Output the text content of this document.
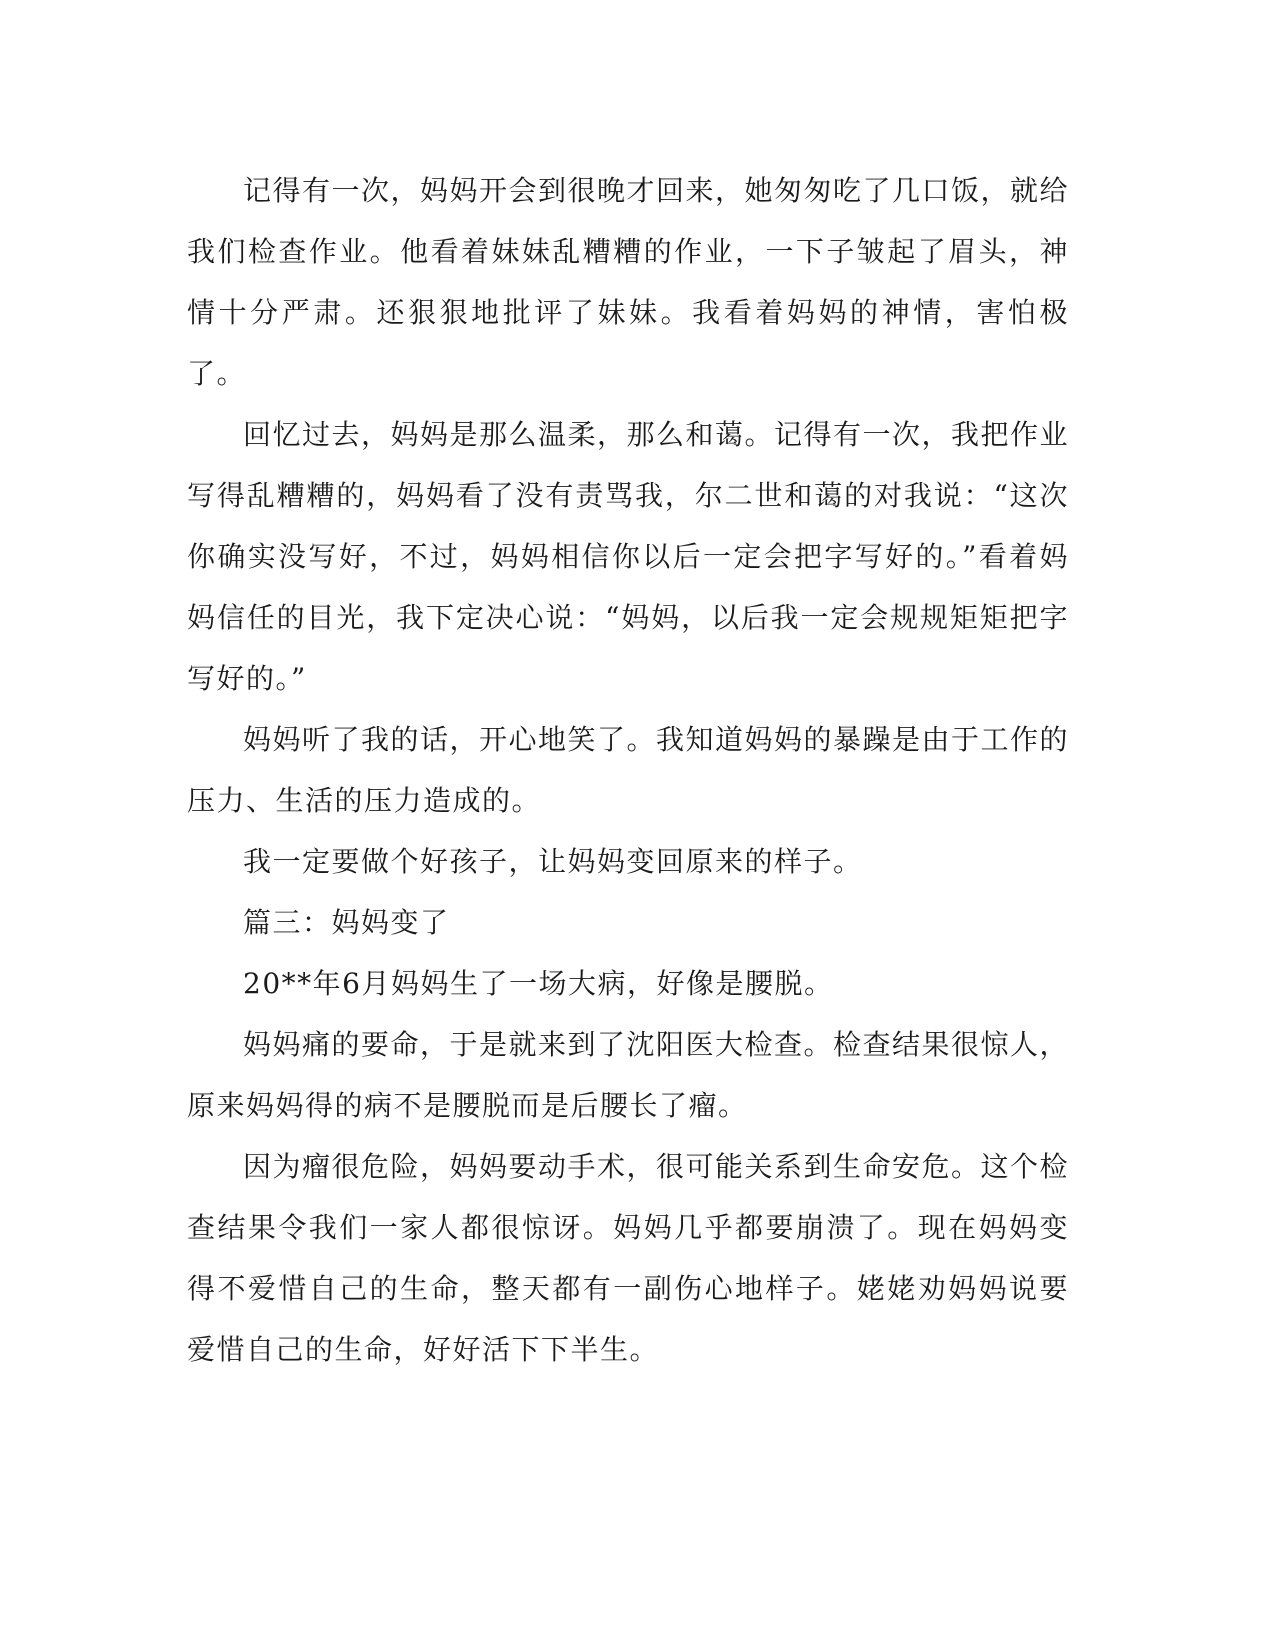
记得有一次，妈妈开会到很晚才回来，她匆匆吃了几口饭，就给我们检查作业。他看着妹妹乱糟糟的作业，一下子皱起了眉头，神情十分严肃。还狠狠地批评了妹妹。我看着妈妈的神情，害怕极了。

回忆过去，妈妈是那么温柔，那么和蔼。记得有一次，我把作业写得乱糟糟的，妈妈看了没有责骂我，尔二世和蔼的对我说：“这次你确实没写好，不过，妈妈相信你以后一定会把字写好的。”看着妈妈信任的目光，我下定决心说：“妈妈，以后我一定会规规矩矩把字写好的。”

妈妈听了我的话，开心地笑了。我知道妈妈的暴躁是由于工作的压力、生活的压力造成的。

我一定要做个好孩子，让妈妈变回原来的样子。

篇三：妈妈变了

20**年6月妈妈生了一场大病，好像是腰脱。

妈妈痛的要命，于是就来到了沈阳医大检查。检查结果很惊人，原来妈妈得的病不是腰脱而是后腰长了瘤。

因为瘤很危险，妈妈要动手术，很可能关系到生命安危。这个检查结果令我们一家人都很惊讶。妈妈几乎都要崩溃了。现在妈妈变得不爱惜自己的生命，整天都有一副伤心地样子。姥姥劝妈妈说要爱惜自己的生命，好好活下下半生。
